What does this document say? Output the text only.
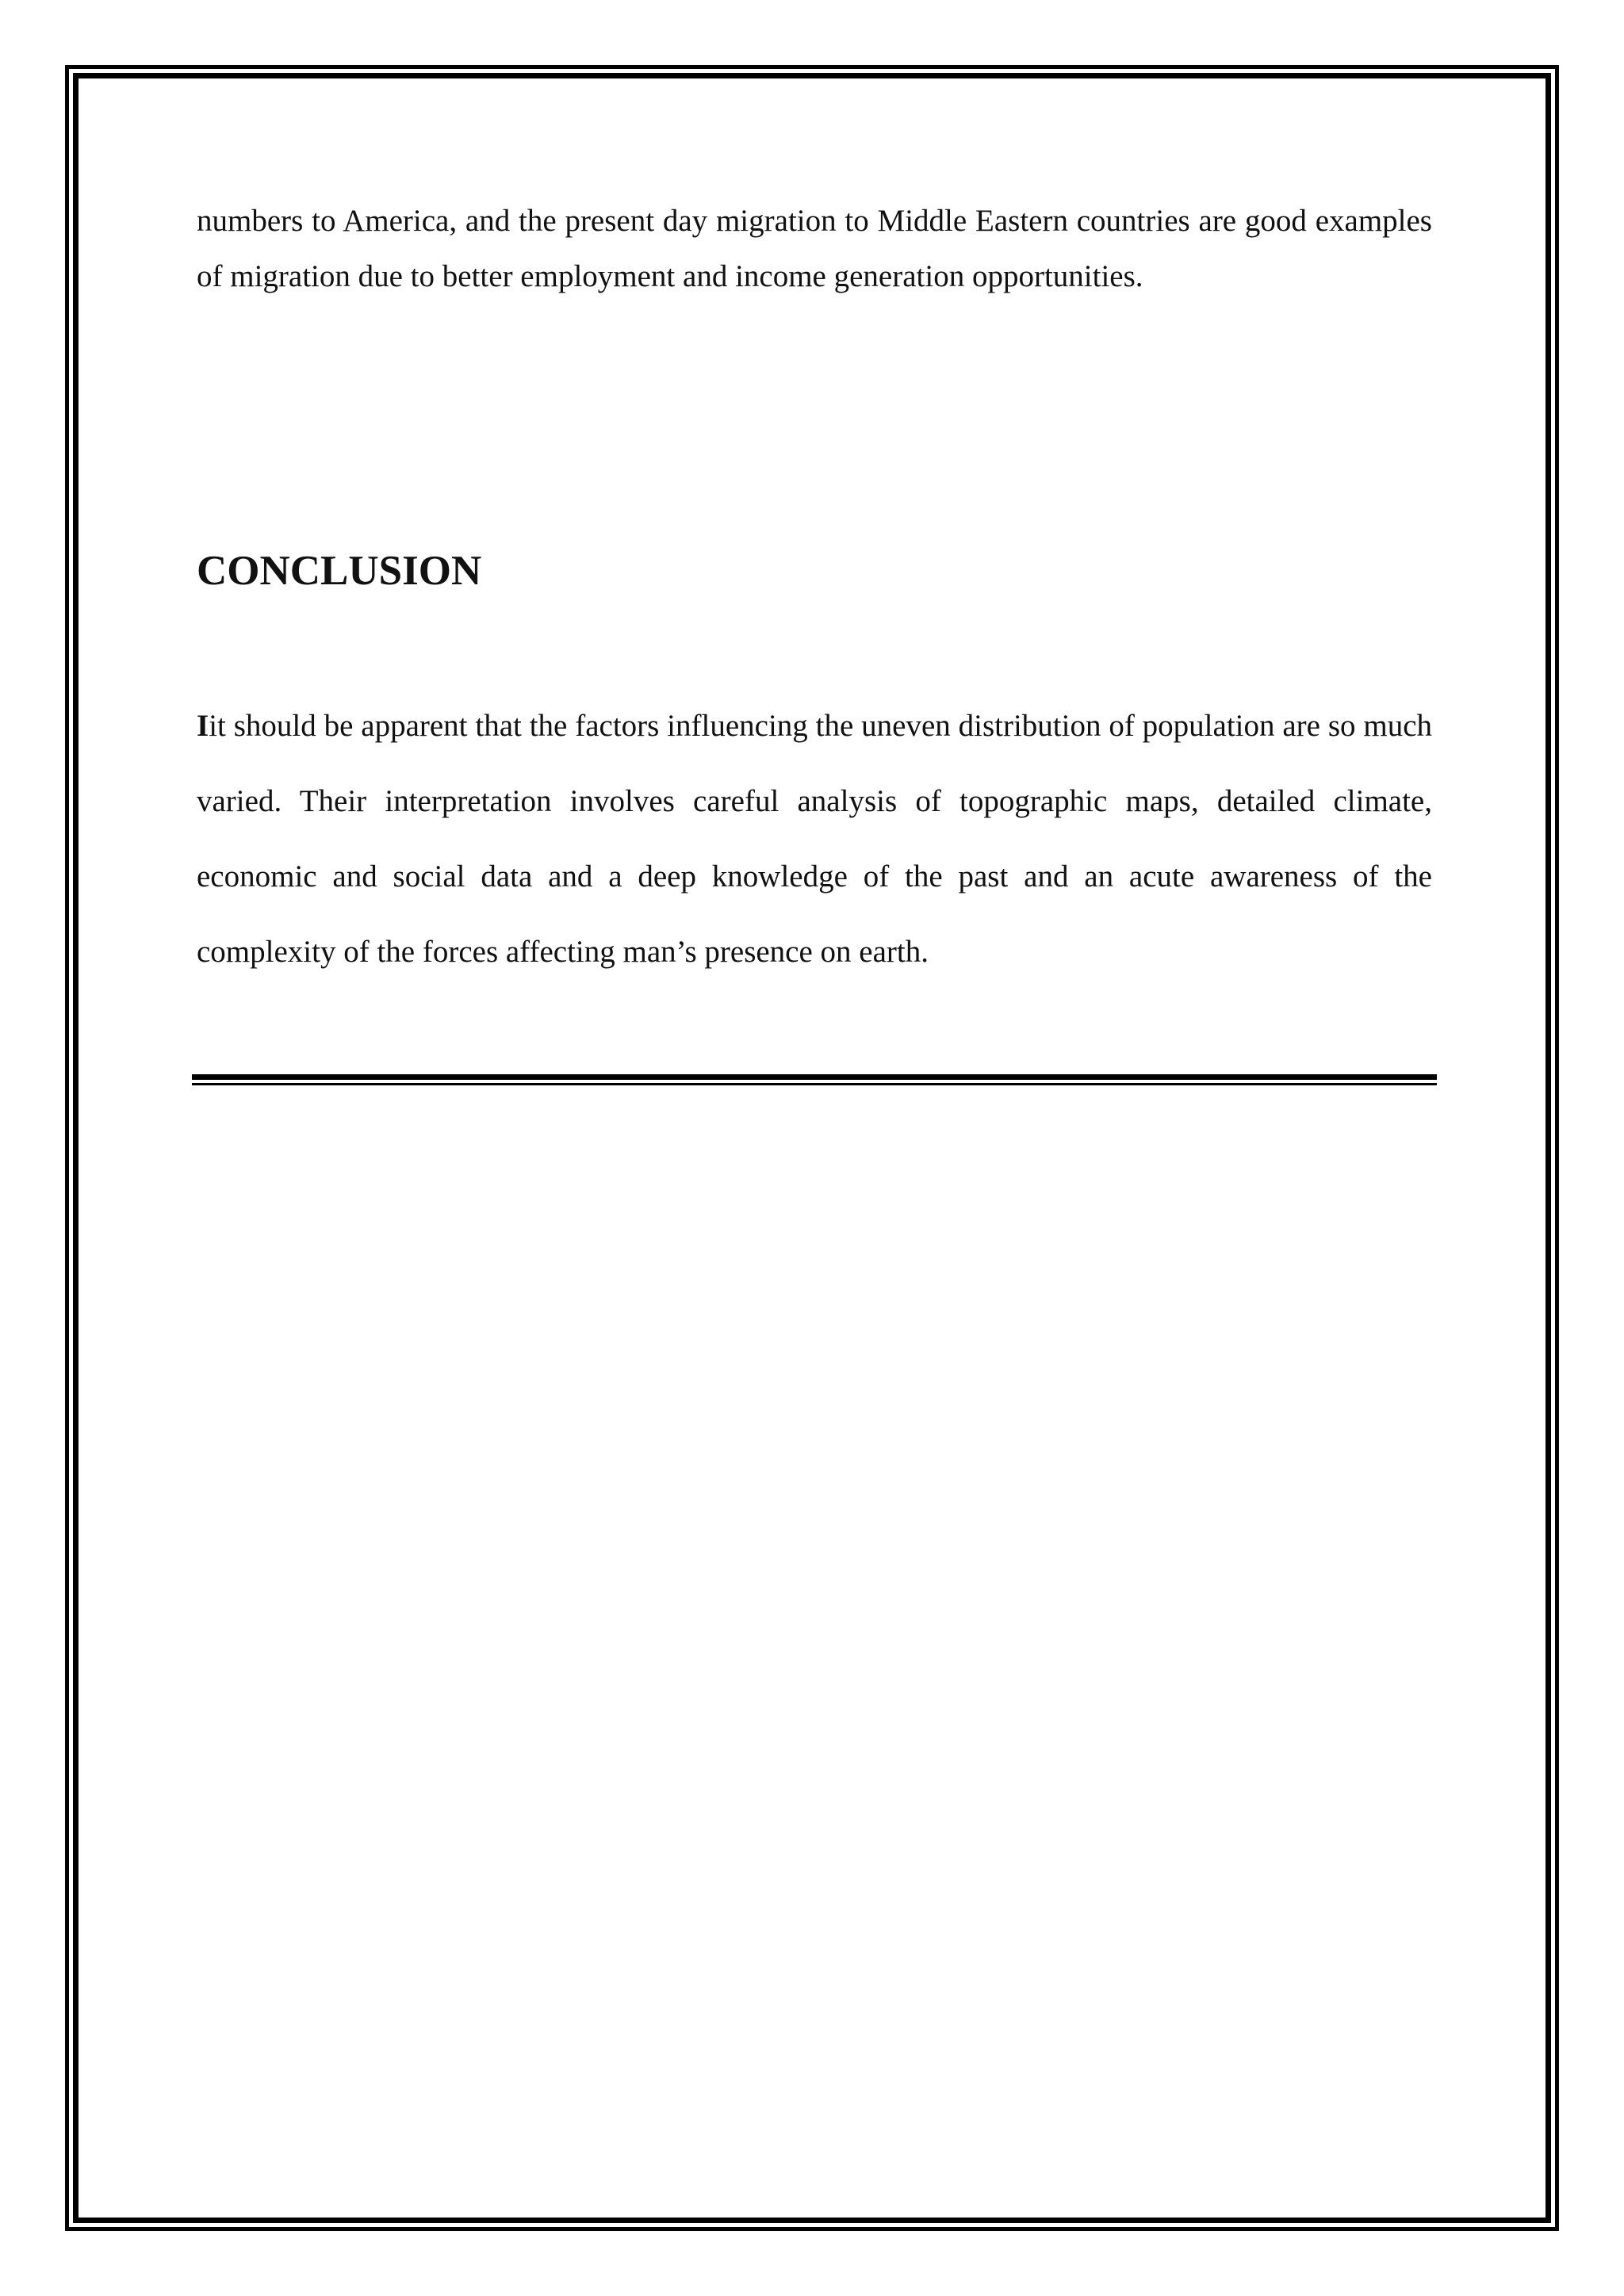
numbers to America, and the present day migration to Middle Eastern countries are good examples of migration due to better employment and income generation opportunities.

CONCLUSION

Iit should be apparent that the factors influencing the uneven distribution of population are so much varied. Their interpretation involves careful analysis of topographic maps, detailed climate, economic and social data and a deep knowledge of the past and an acute awareness of the complexity of the forces affecting man’s presence on earth.
